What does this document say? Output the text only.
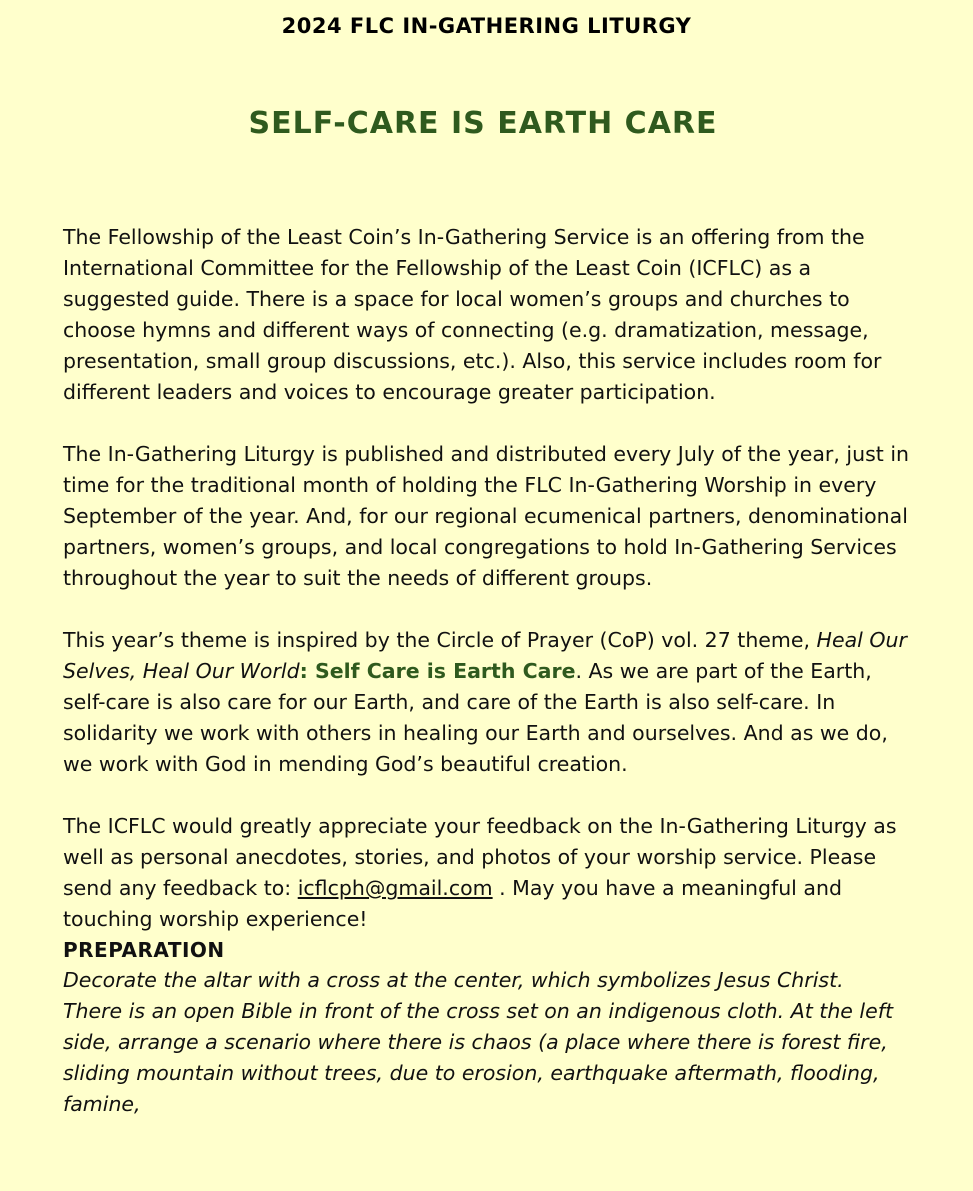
2024 FLC IN-GATHERING LITURGY
SELF-CARE IS EARTH CARE

The Fellowship of the Least Coin’s In-Gathering Service is an offering from the International Committee for the Fellowship of the Least Coin (ICFLC) as a suggested guide. There is a space for local women’s groups and churches to choose hymns and different ways of connecting (e.g. dramatization, message, presentation, small group discussions, etc.). Also, this service includes room for different leaders and voices to encourage greater participation.

The In-Gathering Liturgy is published and distributed every July of the year, just in time for the traditional month of holding the FLC In-Gathering Worship in every September of the year. And, for our regional ecumenical partners, denominational partners, women’s groups, and local congregations to hold In-Gathering Services throughout the year to suit the needs of different groups.

This year’s theme is inspired by the Circle of Prayer (CoP) vol. 27 theme, Heal Our Selves, Heal Our World: Self Care is Earth Care. As we are part of the Earth, self-care is also care for our Earth, and care of the Earth is also self-care. In solidarity we work with others in healing our Earth and ourselves. And as we do, we work with God in mending God’s beautiful creation.

The ICFLC would greatly appreciate your feedback on the In-Gathering Liturgy as well as personal anecdotes, stories, and photos of your worship service. Please send any feedback to: icflcph@gmail.com . May you have a meaningful and touching worship experience!

PREPARATION

Decorate the altar with a cross at the center, which symbolizes Jesus Christ. There is an open Bible in front of the cross set on an indigenous cloth. At the left side, arrange a scenario where there is chaos (a place where there is forest fire, sliding mountain without trees, due to erosion, earthquake aftermath, flooding, famine,
